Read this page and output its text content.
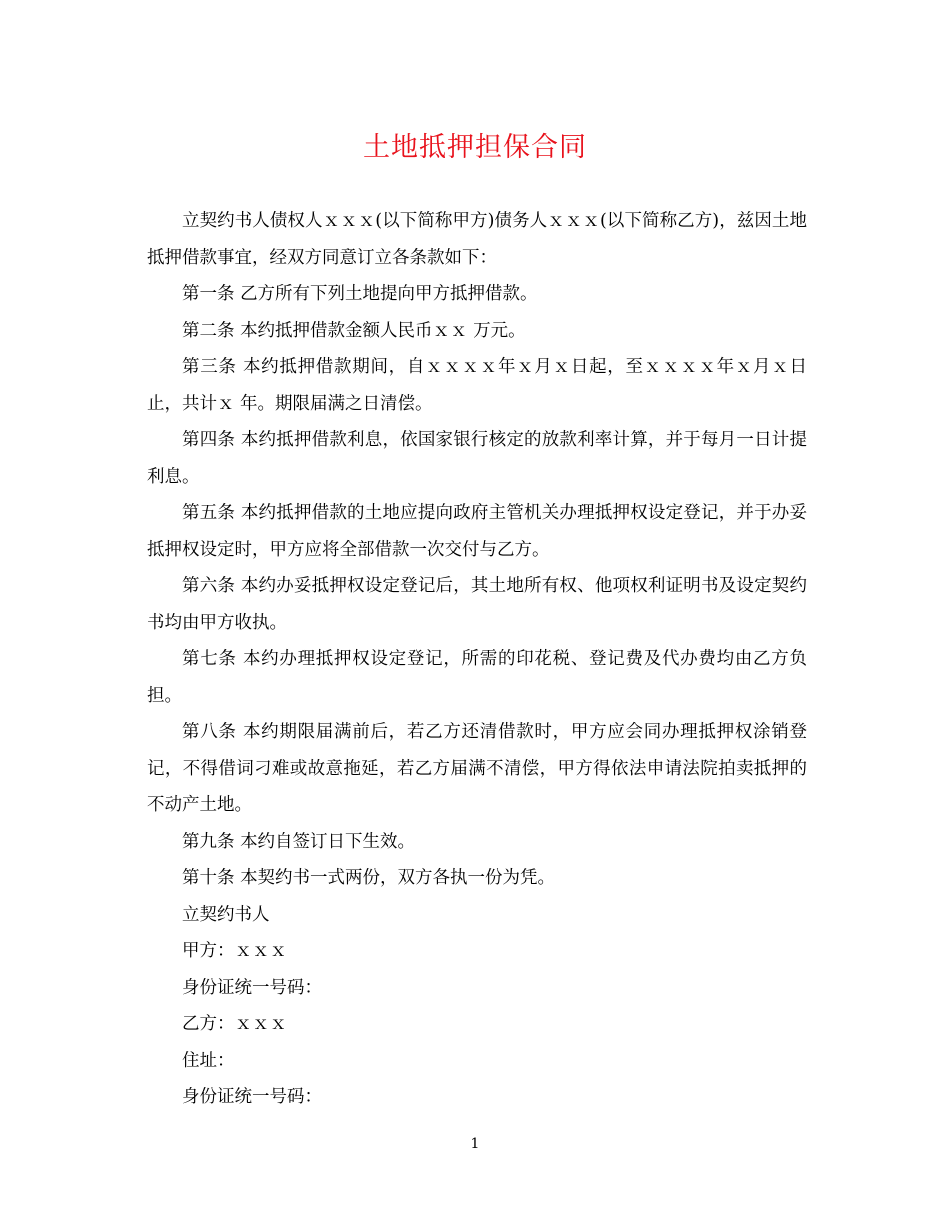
土地抵押担保合同

立契约书人债权人ｘｘｘ(以下简称甲方)债务人ｘｘｘ(以下简称乙方)，兹因土地抵押借款事宜，经双方同意订立各条款如下：

第一条 乙方所有下列土地提向甲方抵押借款。

第二条 本约抵押借款金额人民币ｘｘ 万元。

第三条 本约抵押借款期间，自ｘｘｘｘ年ｘ月ｘ日起，至ｘｘｘｘ年ｘ月ｘ日止，共计ｘ 年。期限届满之日清偿。

第四条 本约抵押借款利息，依国家银行核定的放款利率计算，并于每月一日计提利息。

第五条 本约抵押借款的土地应提向政府主管机关办理抵押权设定登记，并于办妥抵押权设定时，甲方应将全部借款一次交付与乙方。

第六条 本约办妥抵押权设定登记后，其土地所有权、他项权利证明书及设定契约书均由甲方收执。

第七条 本约办理抵押权设定登记，所需的印花税、登记费及代办费均由乙方负担。

第八条 本约期限届满前后，若乙方还清借款时，甲方应会同办理抵押权涂销登记，不得借词刁难或故意拖延，若乙方届满不清偿，甲方得依法申请法院拍卖抵押的不动产土地。

第九条 本约自签订日下生效。

第十条 本契约书一式两份，双方各执一份为凭。

立契约书人

甲方：ｘｘｘ

身份证统一号码：

乙方：ｘｘｘ

住址：

身份证统一号码：

1
